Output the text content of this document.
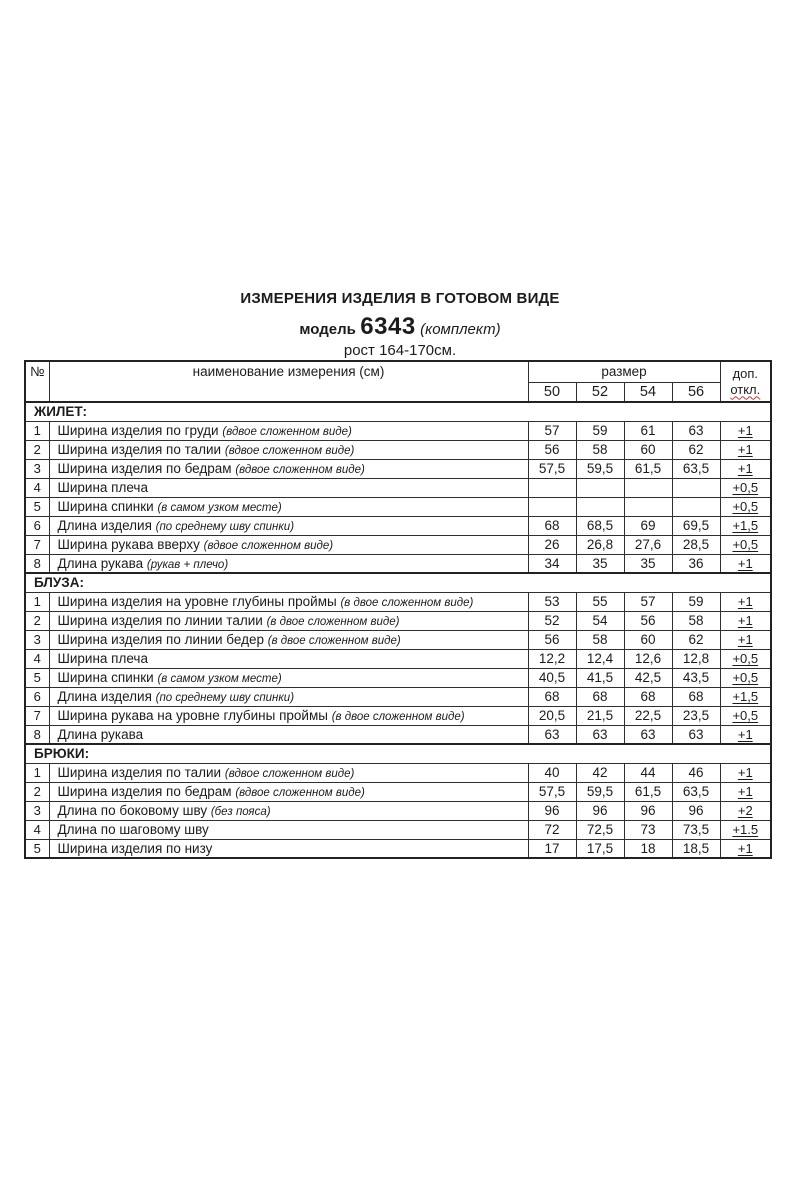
ИЗМЕРЕНИЯ ИЗДЕЛИЯ В ГОТОВОМ ВИДЕ
модель 6343 (комплект)
рост 164-170см.
№	наименование измерения (см)	размер				доп.
откл.
		50	52	54	56	
ЖИЛЕТ:						
1	Ширина изделия по груди (вдвое сложенном виде)	57	59	61	63	+1
2	Ширина изделия по талии (вдвое сложенном виде)	56	58	60	62	+1
3	Ширина изделия по бедрам (вдвое сложенном виде)	57,5	59,5	61,5	63,5	+1
4	Ширина плеча					+0,5
5	Ширина спинки (в самом узком месте)					+0,5
6	Длина изделия (по среднему шву спинки)	68	68,5	69	69,5	+1,5
7	Ширина рукава вверху (вдвое сложенном виде)	26	26,8	27,6	28,5	+0,5
8	Длина рукава (рукав + плечо)	34	35	35	36	+1
БЛУЗА:						
1	Ширина изделия на уровне глубины проймы (в двое сложенном виде)	53	55	57	59	+1
2	Ширина изделия по линии талии (в двое сложенном виде)	52	54	56	58	+1
3	Ширина изделия по линии бедер (в двое сложенном виде)	56	58	60	62	+1
4	Ширина плеча	12,2	12,4	12,6	12,8	+0,5
5	Ширина спинки (в самом узком месте)	40,5	41,5	42,5	43,5	+0,5
6	Длина изделия (по среднему шву спинки)	68	68	68	68	+1,5
7	Ширина рукава на уровне глубины проймы (в двое сложенном виде)	20,5	21,5	22,5	23,5	+0,5
8	Длина рукава	63	63	63	63	+1
БРЮКИ:						
1	Ширина изделия по талии (вдвое сложенном виде)	40	42	44	46	+1
2	Ширина изделия по бедрам (вдвое сложенном виде)	57,5	59,5	61,5	63,5	+1
3	Длина по боковому шву (без пояса)	96	96	96	96	+2
4	Длина по шаговому шву	72	72,5	73	73,5	+1.5
5	Ширина изделия по низу	17	17,5	18	18,5	+1
